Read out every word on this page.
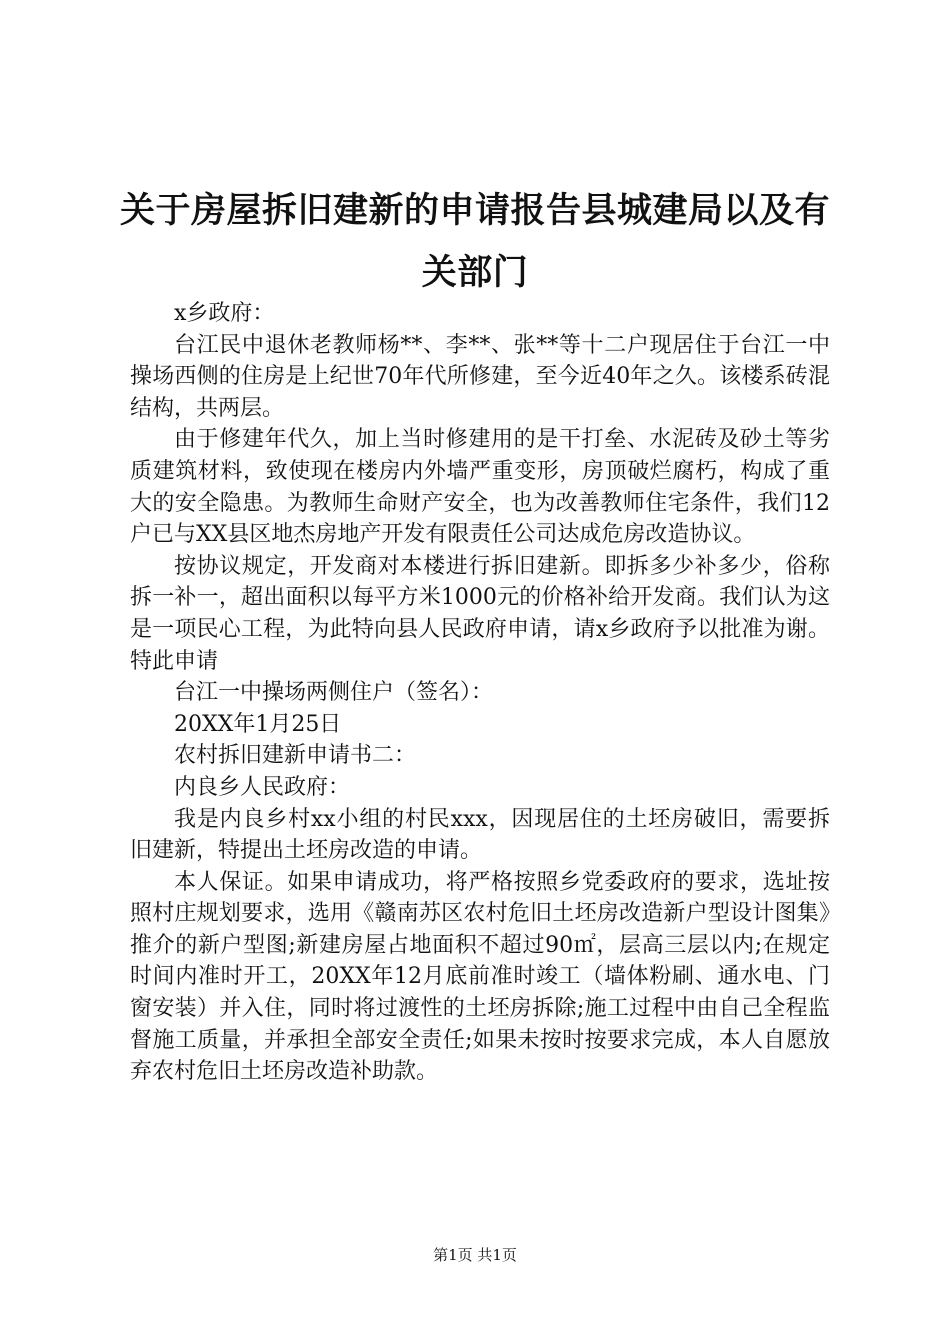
关于房屋拆旧建新的申请报告县城建局以及有关部门

x乡政府：

台江民中退休老教师杨**、李**、张**等十二户现居住于台江一中操场西侧的住房是上纪世70年代所修建，至今近40年之久。该楼系砖混结构，共两层。

由于修建年代久，加上当时修建用的是干打垒、水泥砖及砂土等劣质建筑材料，致使现在楼房内外墙严重变形，房顶破烂腐朽，构成了重大的安全隐患。为教师生命财产安全，也为改善教师住宅条件，我们12户已与XX县区地杰房地产开发有限责任公司达成危房改造协议。

按协议规定，开发商对本楼进行拆旧建新。即拆多少补多少，俗称拆一补一，超出面积以每平方米1000元的价格补给开发商。我们认为这是一项民心工程，为此特向县人民政府申请，请x乡政府予以批准为谢。特此申请

台江一中操场两侧住户（签名）：

20XX年1月25日

农村拆旧建新申请书二：

内良乡人民政府：

我是内良乡村xx小组的村民xxx，因现居住的土坯房破旧，需要拆旧建新，特提出土坯房改造的申请。

本人保证。如果申请成功，将严格按照乡党委政府的要求，选址按照村庄规划要求，选用《赣南苏区农村危旧土坯房改造新户型设计图集》推介的新户型图;新建房屋占地面积不超过90㎡，层高三层以内;在规定时间内准时开工，20XX年12月底前准时竣工（墙体粉刷、通水电、门窗安装）并入住，同时将过渡性的土坯房拆除;施工过程中由自己全程监督施工质量，并承担全部安全责任;如果未按时按要求完成，本人自愿放弃农村危旧土坯房改造补助款。

第1页 共1页
